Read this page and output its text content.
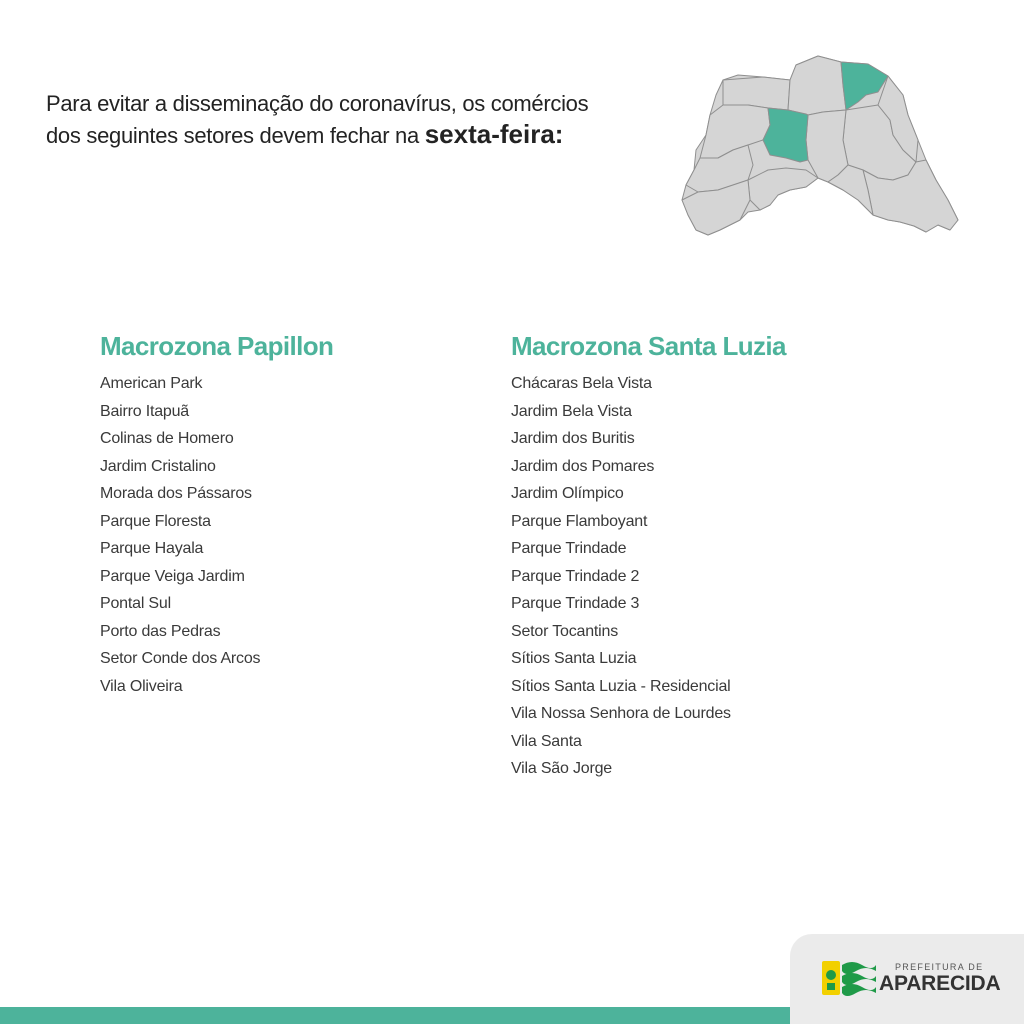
Para evitar a disseminação do coronavírus, os comércios
dos seguintes setores devem fechar na sexta-feira:
Macrozona Papillon
American Park
Bairro Itapuã
Colinas de Homero
Jardim Cristalino
Morada dos Pássaros
Parque Floresta
Parque Hayala
Parque Veiga Jardim
Pontal Sul
Porto das Pedras
Setor Conde dos Arcos
Vila Oliveira
Macrozona Santa Luzia
Chácaras Bela Vista
Jardim Bela Vista
Jardim dos Buritis
Jardim dos Pomares
Jardim Olímpico
Parque Flamboyant
Parque Trindade
Parque Trindade 2
Parque Trindade 3
Setor Tocantins
Sítios Santa Luzia
Sítios Santa Luzia - Residencial
Vila Nossa Senhora de Lourdes
Vila Santa
Vila São Jorge
PREFEITURA DE
APARECIDA
